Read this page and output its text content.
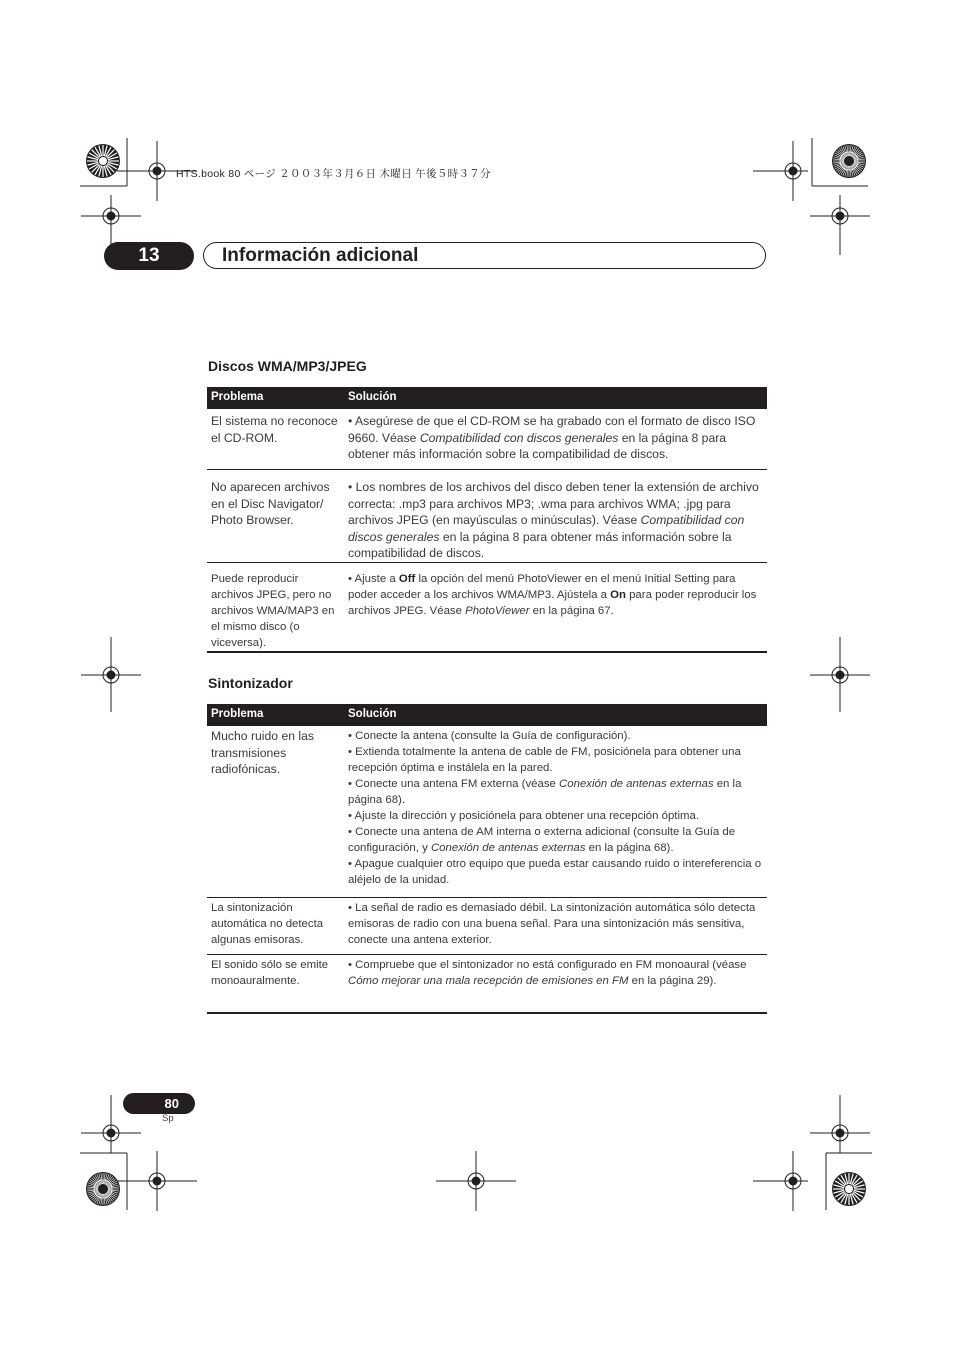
HTS.book 80 ページ ２００３年３月６日 木曜日 午後５時３７分
13	Información adicional
Discos WMA/MP3/JPEG
Problema	Solución
El sistema no reconoce el CD-ROM.
• Asegúrese de que el CD-ROM se ha grabado con el formato de disco ISO 9660. Véase Compatibilidad con discos generales en la página 8 para obtener más información sobre la compatibilidad de discos.
No aparecen archivos en el Disc Navigator/ Photo Browser.
• Los nombres de los archivos del disco deben tener la extensión de archivo correcta: .mp3 para archivos MP3; .wma para archivos WMA; .jpg para archivos JPEG (en mayúsculas o minúsculas). Véase Compatibilidad con discos generales en la página 8 para obtener más información sobre la compatibilidad de discos.
Puede reproducir archivos JPEG, pero no archivos WMA/MAP3 en el mismo disco (o viceversa).
• Ajuste a Off la opción del menú PhotoViewer en el menú Initial Setting para poder acceder a los archivos WMA/MP3. Ajústela a On para poder reproducir los archivos JPEG. Véase PhotoViewer en la página 67.
Sintonizador
Problema	Solución
Mucho ruido en las transmisiones radiofónicas.
• Conecte la antena (consulte la Guía de configuración).
• Extienda totalmente la antena de cable de FM, posiciónela para obtener una recepción óptima e instálela en la pared.
• Conecte una antena FM externa (véase Conexión de antenas externas en la página 68).
• Ajuste la dirección y posiciónela para obtener una recepción óptima.
• Conecte una antena de AM interna o externa adicional (consulte la Guía de configuración, y Conexión de antenas externas en la página 68).
• Apague cualquier otro equipo que pueda estar causando ruido o intereferencia o aléjelo de la unidad.
La sintonización automática no detecta algunas emisoras.
• La señal de radio es demasiado débil. La sintonización automática sólo detecta emisoras de radio con una buena señal. Para una sintonización más sensitiva, conecte una antena exterior.
El sonido sólo se emite monoauralmente.
• Compruebe que el sintonizador no está configurado en FM monoaural (véase Cómo mejorar una mala recepción de emisiones en FM en la página 29).
80
Sp
